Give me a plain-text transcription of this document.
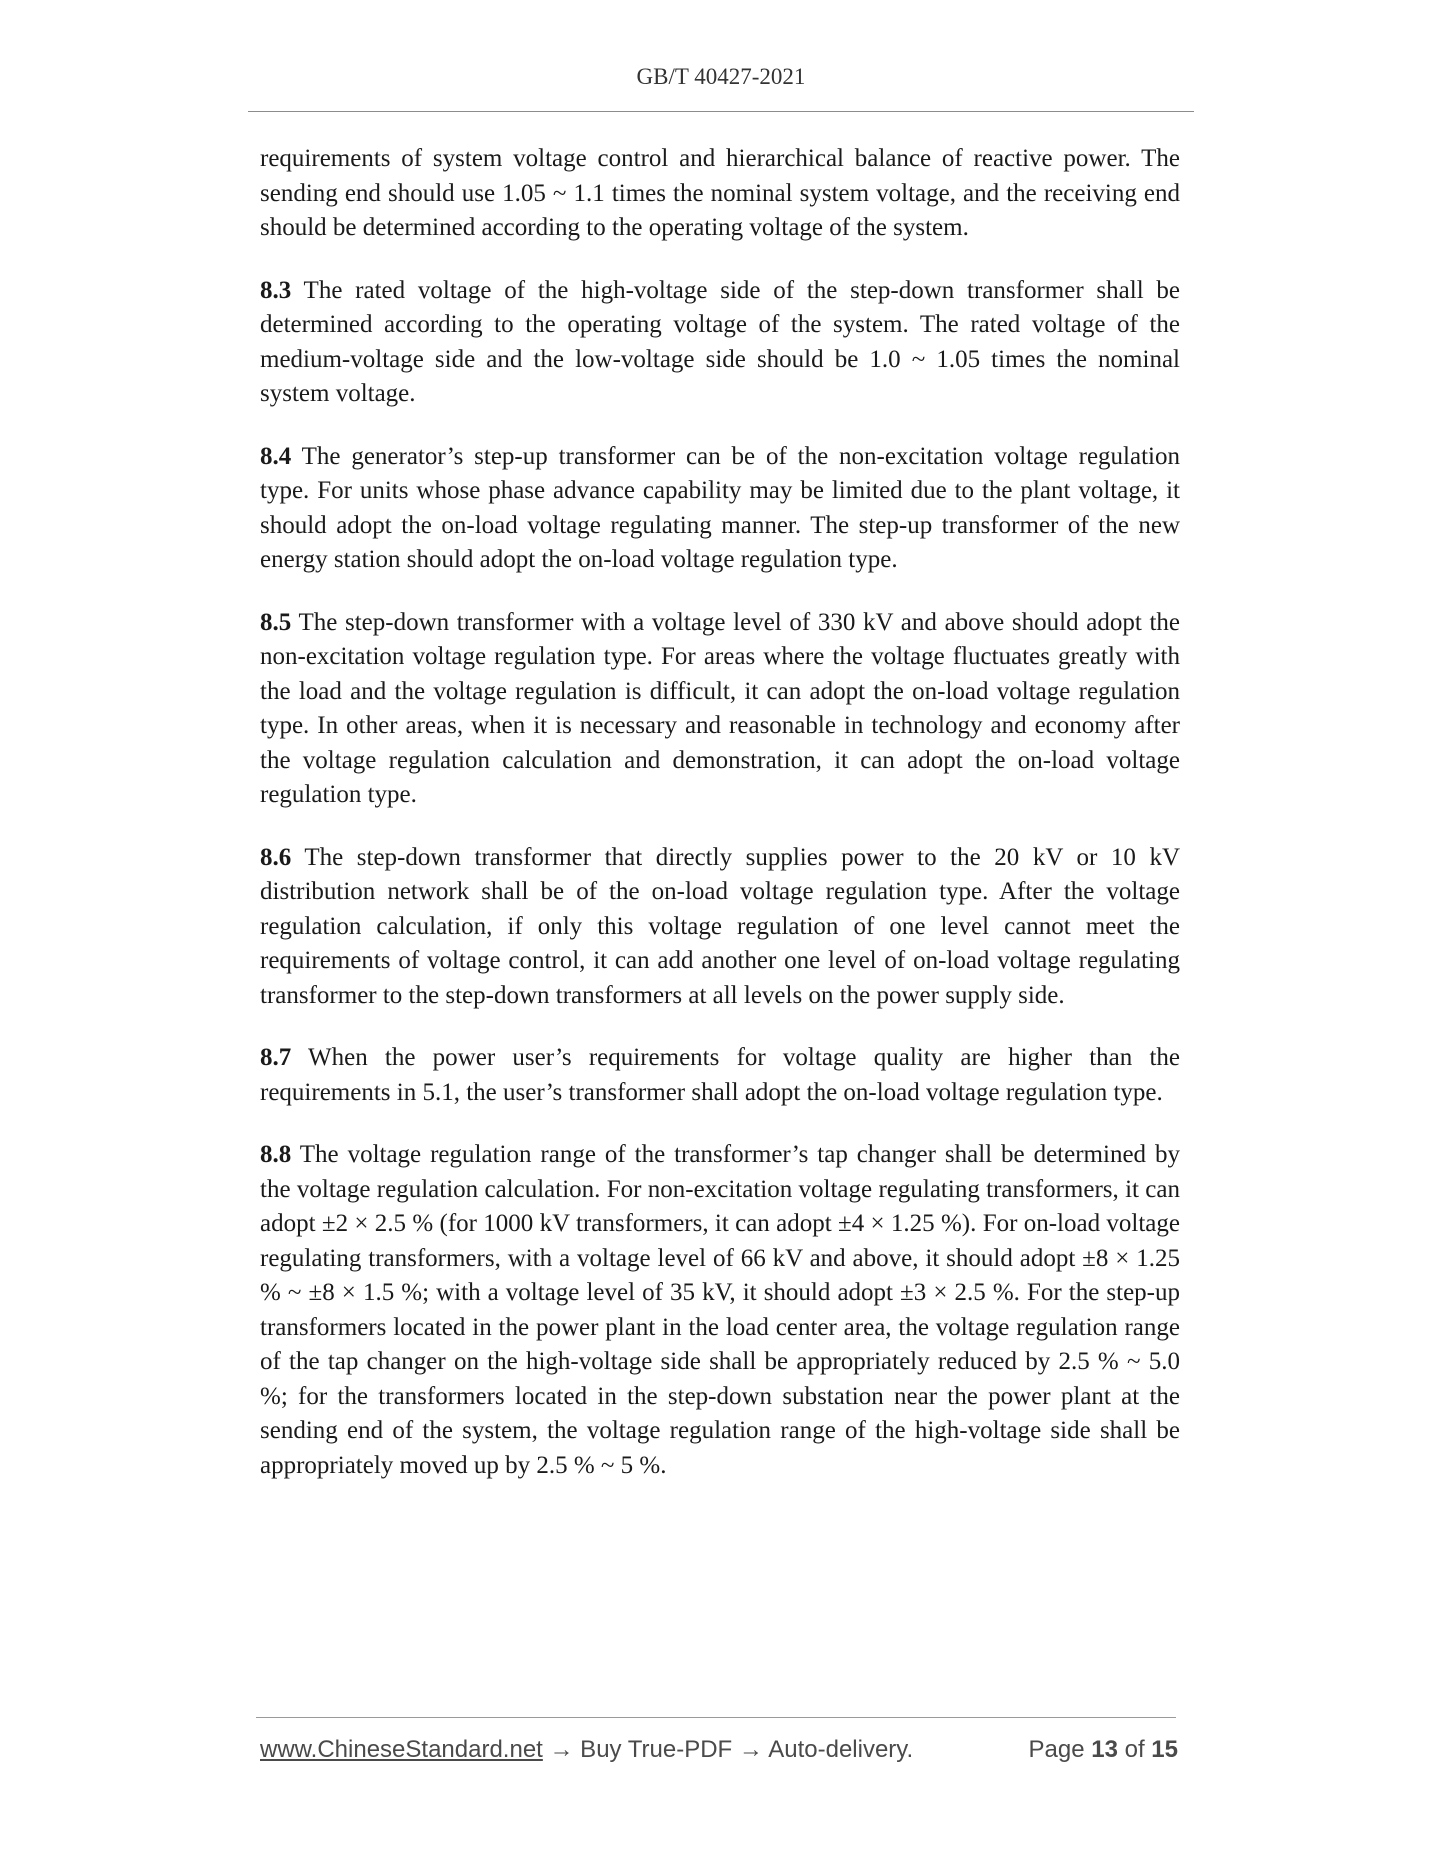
GB/T 40427-2021

requirements of system voltage control and hierarchical balance of reactive power. The sending end should use 1.05 ~ 1.1 times the nominal system voltage, and the receiving end should be determined according to the operating voltage of the system.

8.3 The rated voltage of the high-voltage side of the step-down transformer shall be determined according to the operating voltage of the system. The rated voltage of the medium-voltage side and the low-voltage side should be 1.0 ~ 1.05 times the nominal system voltage.

8.4 The generator’s step-up transformer can be of the non-excitation voltage regulation type. For units whose phase advance capability may be limited due to the plant voltage, it should adopt the on-load voltage regulating manner. The step-up transformer of the new energy station should adopt the on-load voltage regulation type.

8.5 The step-down transformer with a voltage level of 330 kV and above should adopt the non-excitation voltage regulation type. For areas where the voltage fluctuates greatly with the load and the voltage regulation is difficult, it can adopt the on-load voltage regulation type. In other areas, when it is necessary and reasonable in technology and economy after the voltage regulation calculation and demonstration, it can adopt the on-load voltage regulation type.

8.6 The step-down transformer that directly supplies power to the 20 kV or 10 kV distribution network shall be of the on-load voltage regulation type. After the voltage regulation calculation, if only this voltage regulation of one level cannot meet the requirements of voltage control, it can add another one level of on-load voltage regulating transformer to the step-down transformers at all levels on the power supply side.

8.7 When the power user’s requirements for voltage quality are higher than the requirements in 5.1, the user’s transformer shall adopt the on-load voltage regulation type.

8.8 The voltage regulation range of the transformer’s tap changer shall be determined by the voltage regulation calculation. For non-excitation voltage regulating transformers, it can adopt ±2 × 2.5 % (for 1000 kV transformers, it can adopt ±4 × 1.25 %). For on-load voltage regulating transformers, with a voltage level of 66 kV and above, it should adopt ±8 × 1.25 % ~ ±8 × 1.5 %; with a voltage level of 35 kV, it should adopt ±3 × 2.5 %. For the step-up transformers located in the power plant in the load center area, the voltage regulation range of the tap changer on the high-voltage side shall be appropriately reduced by 2.5 % ~ 5.0 %; for the transformers located in the step-down substation near the power plant at the sending end of the system, the voltage regulation range of the high-voltage side shall be appropriately moved up by 2.5 % ~ 5 %.

www.ChineseStandard.net → Buy True-PDF → Auto-delivery.	Page 13 of 15
